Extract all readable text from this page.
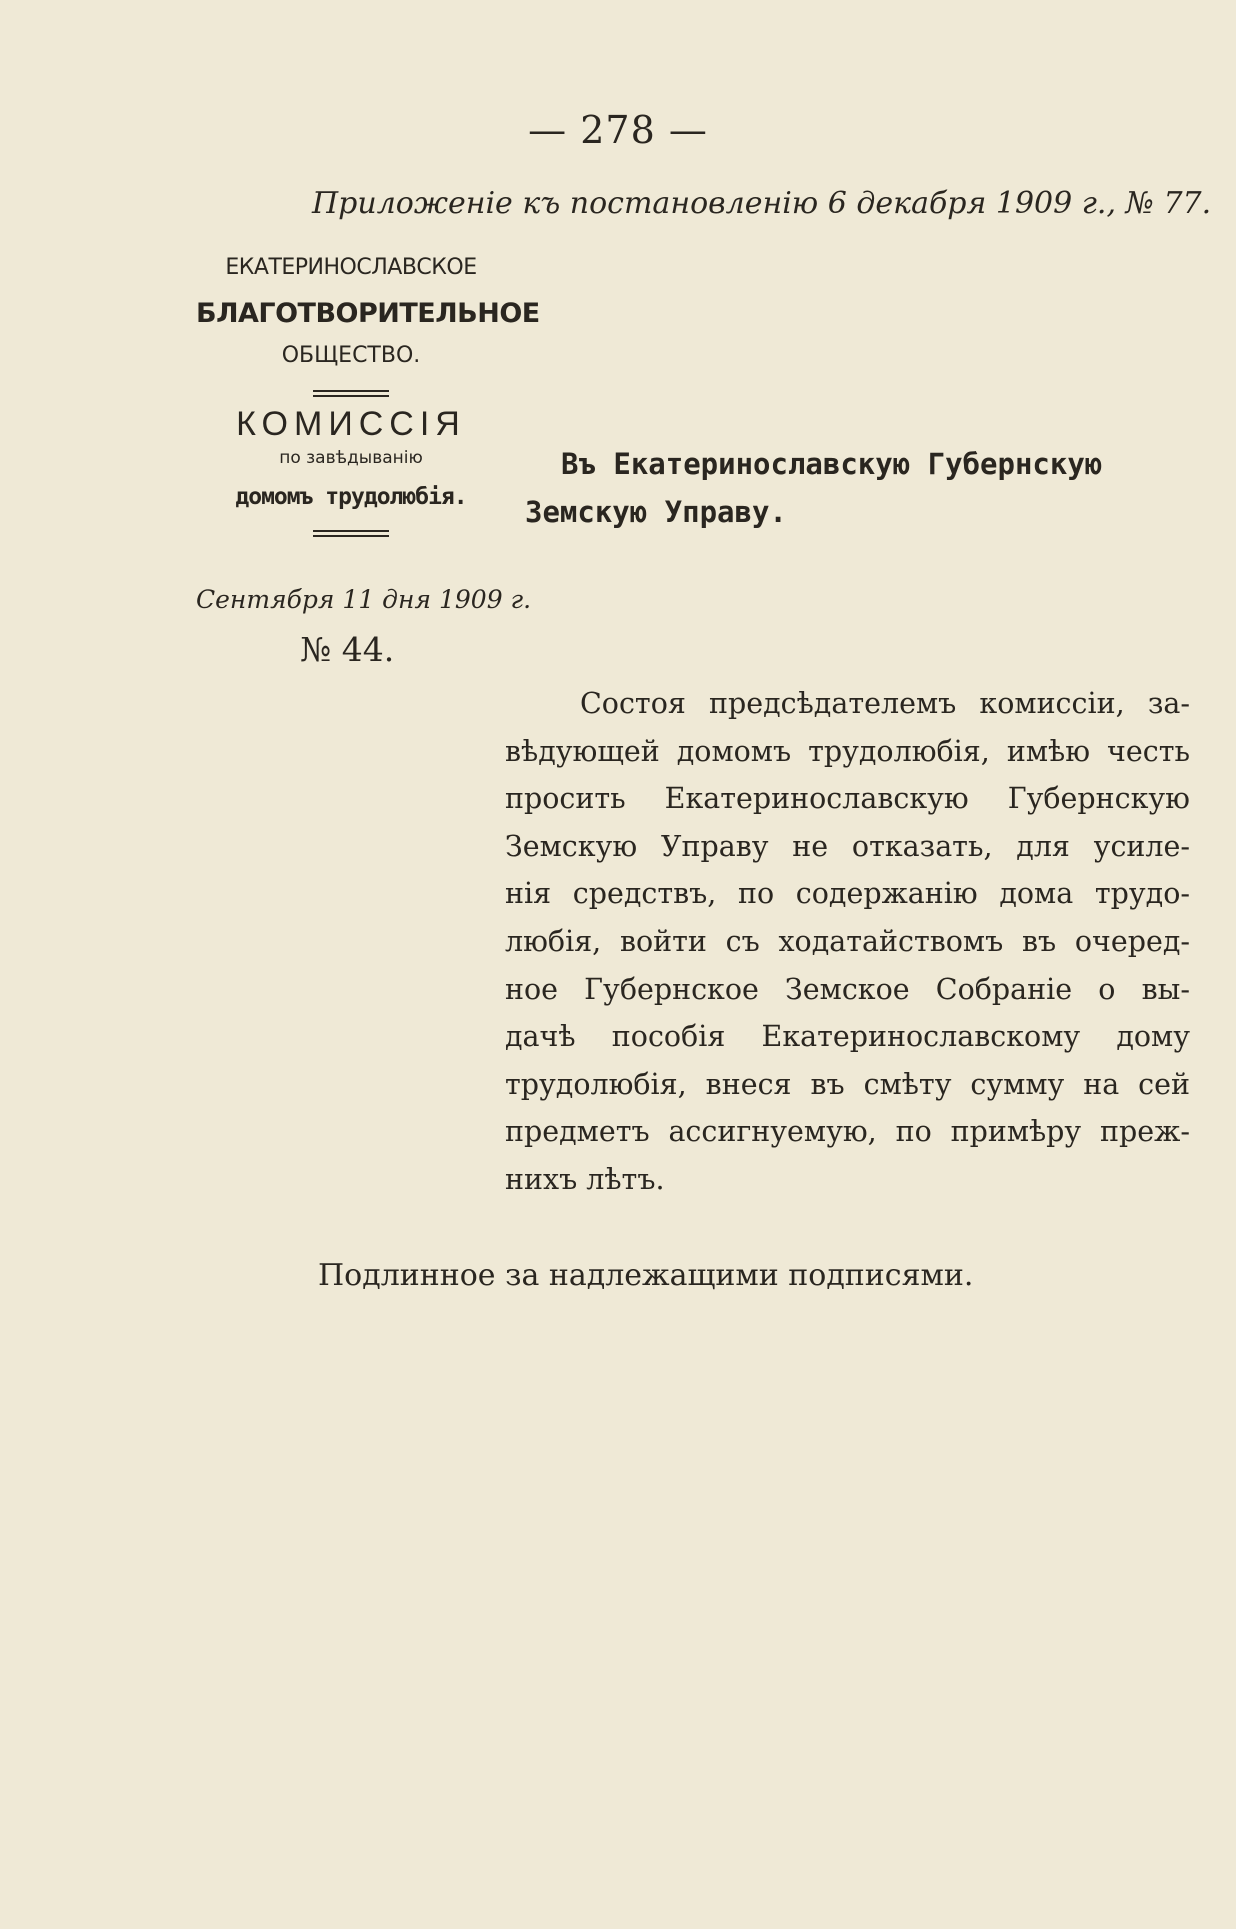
— 278 —
Приложеніе къ постановленію 6 декабря 1909 г., № 77.
ЕКАТЕРИНОСЛАВСКОЕ
БЛАГОТВОРИТЕЛЬНОЕ
ОБЩЕСТВО.
КОМИССІЯ
по завѣдыванію
домомъ трудолюбія.
Сентября 11 дня 1909 г.
№ 44.
Въ Екатеринославскую Губернскую
Земскую Управу.
Состоя предсѣдателемъ комиссіи, за-
вѣдующей домомъ трудолюбія, имѣю честь
просить Екатеринославскую Губернскую
Земскую Управу не отказать, для усиле-
нія средствъ, по содержанію дома трудо-
любія, войти съ ходатайствомъ въ очеред-
ное Губернское Земское Собраніе о вы-
дачѣ пособія Екатеринославскому дому
трудолюбія, внеся въ смѣту сумму на сей
предметъ ассигнуемую, по примѣру преж-
нихъ лѣтъ.
Подлинное за надлежащими подписями.
